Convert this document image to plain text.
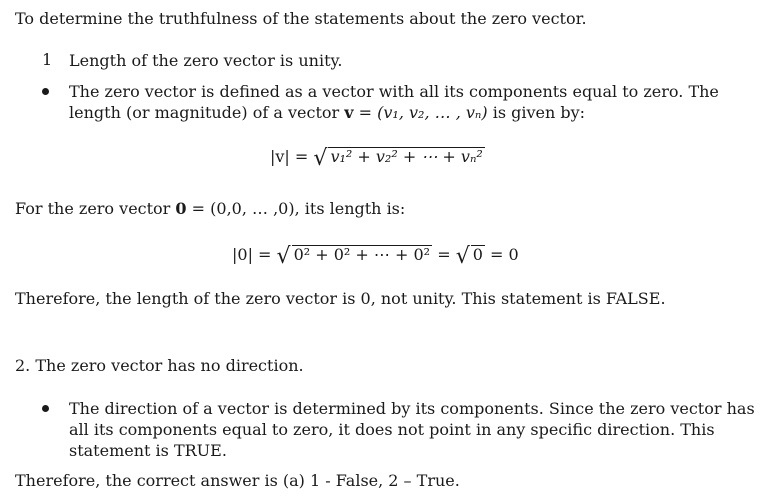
To determine the truthfulness of the statements about the zero vector.
1 Length of the zero vector is unity.
The zero vector is defined as a vector with all its components equal to zero. The
length (or magnitude) of a vector v = (v₁, v₂, … , vₙ) is given by:
|v| = √ v₁² + v₂² + ⋯ + vₙ²
For the zero vector 0 = (0,0, … ,0), its length is:
|0| = √ 0² + 0² + ⋯ + 0² = √ 0 = 0
Therefore, the length of the zero vector is 0, not unity. This statement is FALSE.
2. The zero vector has no direction.
The direction of a vector is determined by its components. Since the zero vector has
all its components equal to zero, it does not point in any specific direction. This
statement is TRUE.
Therefore, the correct answer is (a) 1 - False, 2 – True.
